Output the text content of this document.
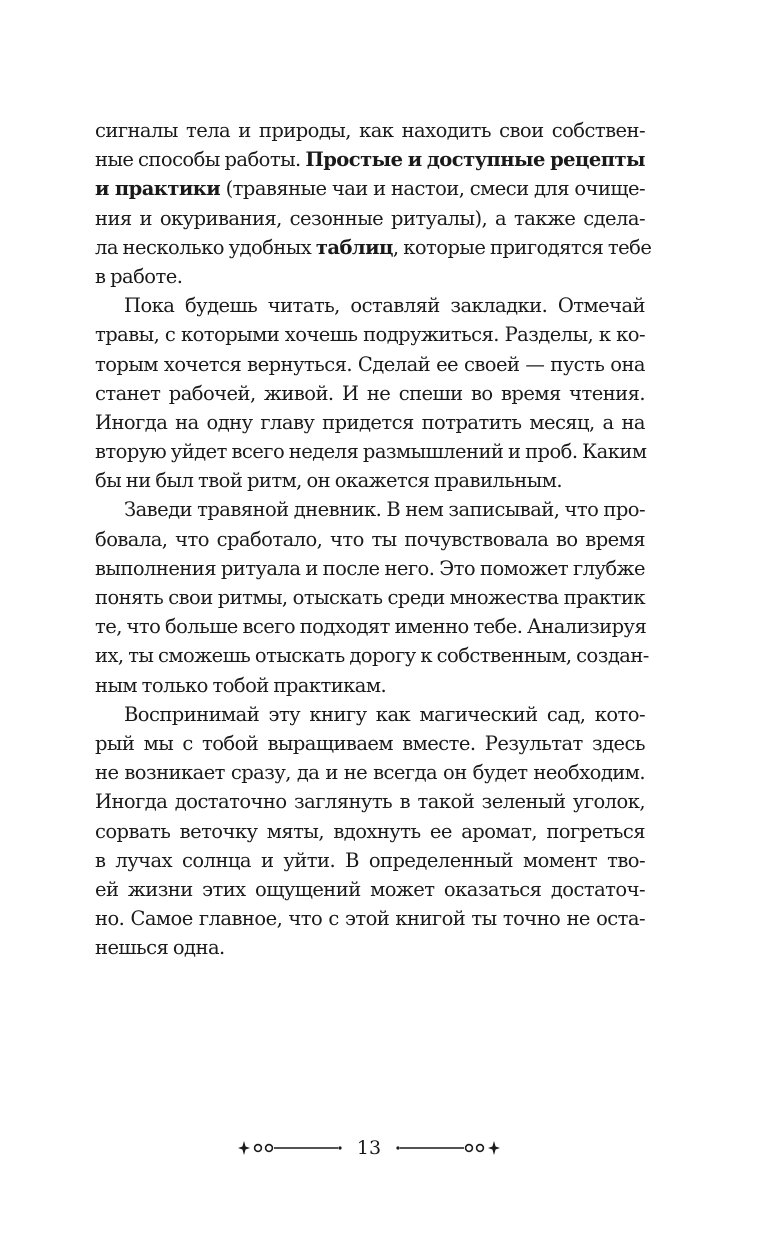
сигналы тела и природы, как находить свои собствен-
ные способы работы. Простые и доступные рецепты
и практики (травяные чаи и настои, смеси для очище-
ния и окуривания, сезонные ритуалы), а также сдела-
ла несколько удобных таблиц, которые пригодятся тебе
в работе.
Пока будешь читать, оставляй закладки. Отмечай
травы, с которыми хочешь подружиться. Разделы, к ко-
торым хочется вернуться. Сделай ее своей — пусть она
станет рабочей, живой. И не спеши во время чтения.
Иногда на одну главу придется потратить месяц, а на
вторую уйдет всего неделя размышлений и проб. Каким
бы ни был твой ритм, он окажется правильным.
Заведи травяной дневник. В нем записывай, что про-
бовала, что сработало, что ты почувствовала во время
выполнения ритуала и после него. Это поможет глубже
понять свои ритмы, отыскать среди множества практик
те, что больше всего подходят именно тебе. Анализируя
их, ты сможешь отыскать дорогу к собственным, создан-
ным только тобой практикам.
Воспринимай эту книгу как магический сад, кото-
рый мы с тобой выращиваем вместе. Результат здесь
не возникает сразу, да и не всегда он будет необходим.
Иногда достаточно заглянуть в такой зеленый уголок,
сорвать веточку мяты, вдохнуть ее аромат, погреться
в лучах солнца и уйти. В определенный момент тво-
ей жизни этих ощущений может оказаться достаточ-
но. Самое главное, что с этой книгой ты точно не оста-
нешься одна.
13
